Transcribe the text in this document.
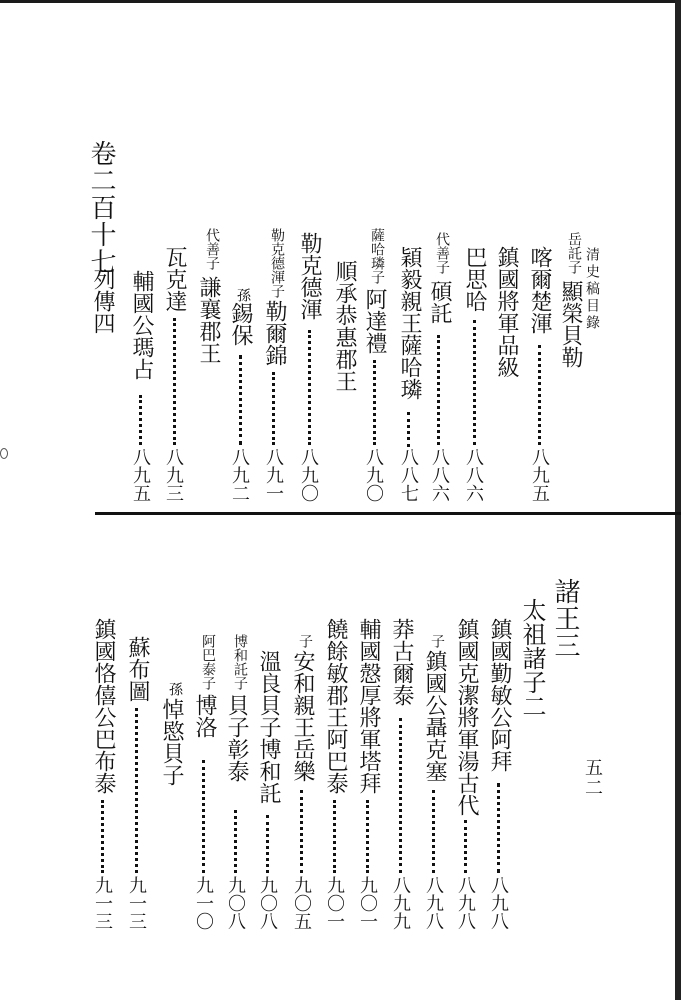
清史稿目錄
五二
岳託子
顯榮貝勒
喀爾楚渾
八九五
鎮國將軍品級
巴思哈
八八六
代善子
碩託
八八六
穎毅親王薩哈璘
八八七
薩哈璘子
阿達禮
八九〇
順承恭惠郡王
勒克德渾
八九〇
勒克德渾子
勒爾錦
八九一
孫
錫保
八九二
代善子
謙襄郡王
瓦克達
八九三
輔國公瑪占
八九五
卷二百十七
列傳四
諸王三
太祖諸子二
鎮國勤敏公阿拜
八九八
鎮國克潔將軍湯古代
八九八
子
鎮國公聶克塞
八九八
莽古爾泰
八九九
輔國慤厚將軍塔拜
九〇一
饒餘敏郡王阿巴泰
九〇一
子
安和親王岳樂
九〇五
溫良貝子博和託
九〇八
博和託子
貝子彰泰
九〇八
阿巴泰子
博洛
九一〇
孫
悼愍貝子
蘇布圖
九一三
鎮國恪僖公巴布泰
九一三
